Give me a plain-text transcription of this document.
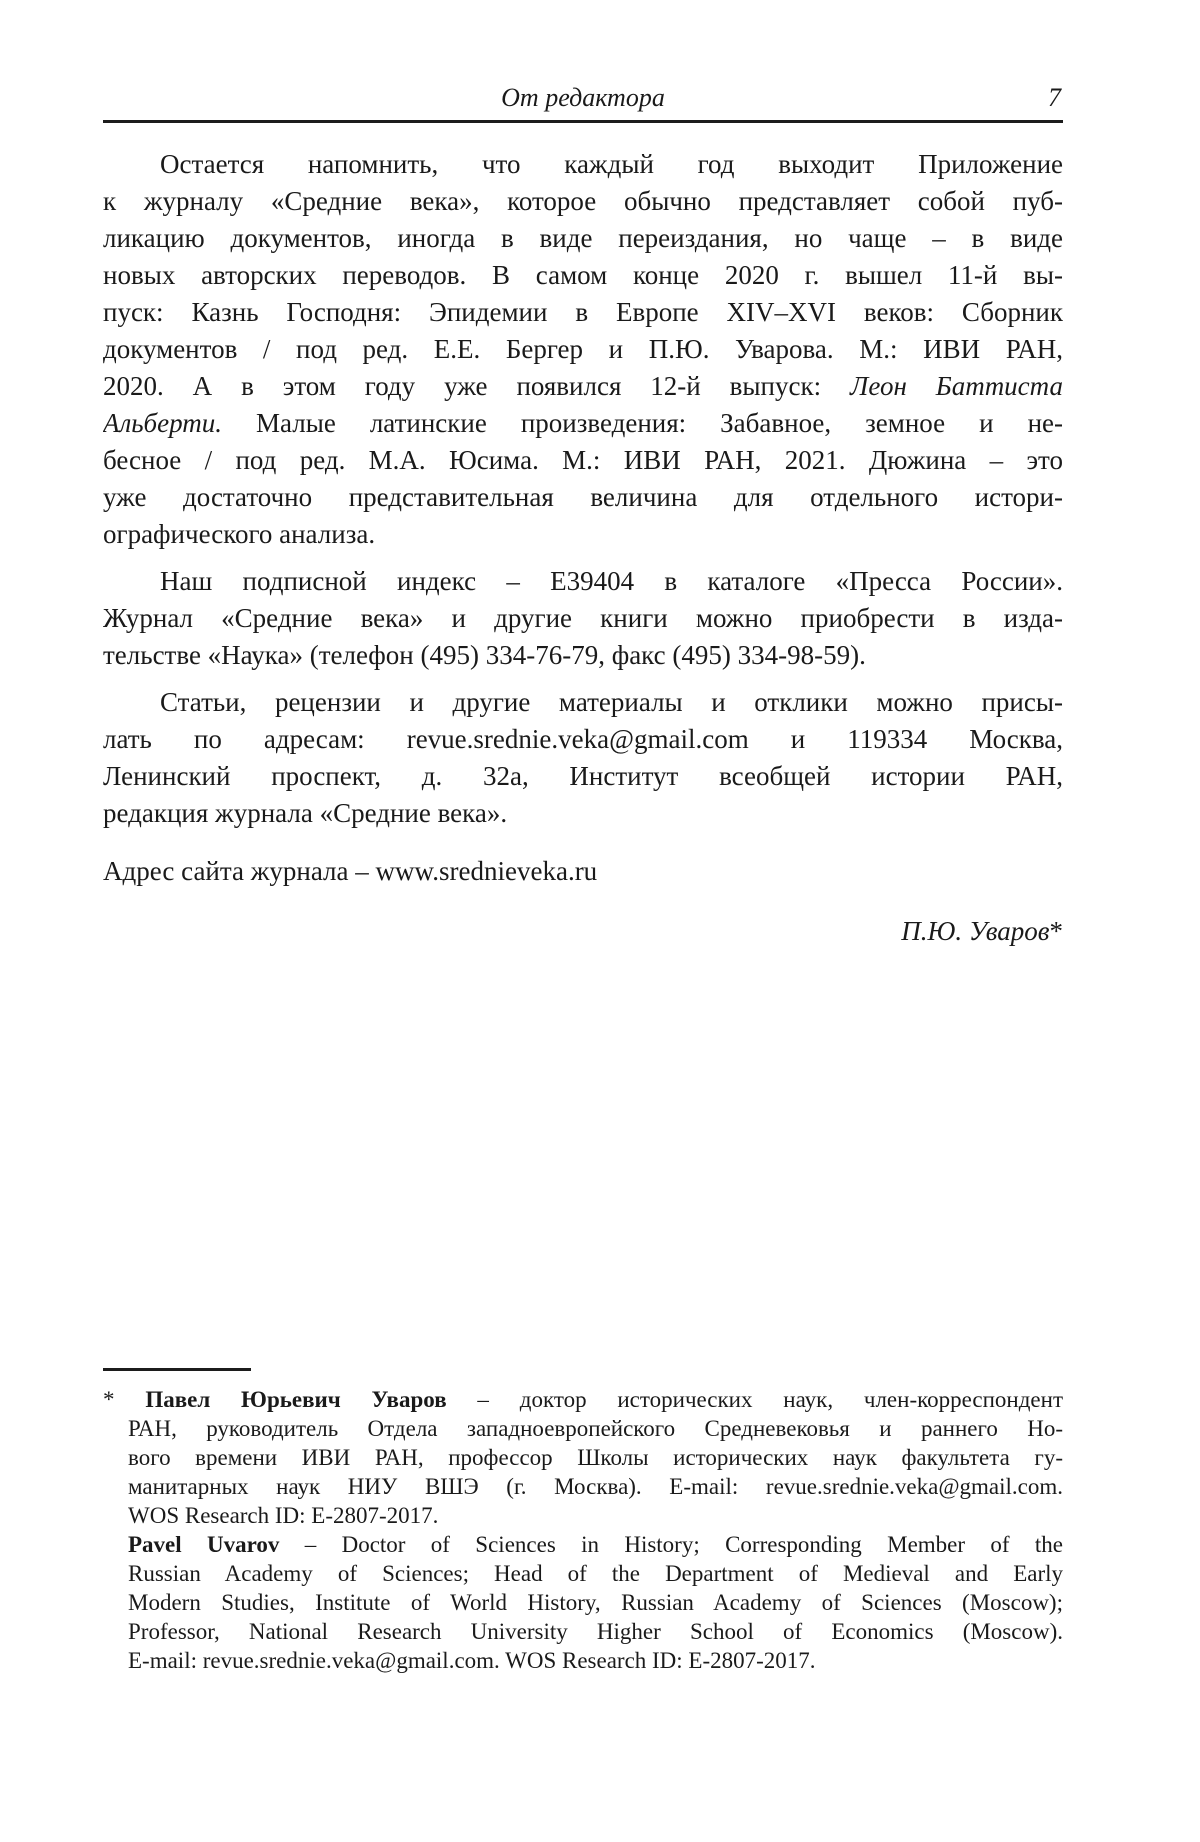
От редактора	7
Остается напомнить, что каждый год выходит Приложение
к журналу «Средние века», которое обычно представляет собой пуб-
ликацию документов, иногда в виде переиздания, но чаще – в виде
новых авторских переводов. В самом конце 2020 г. вышел 11-й вы-
пуск: Казнь Господня: Эпидемии в Европе XIV–XVI веков: Сборник
документов / под ред. Е.Е. Бергер и П.Ю. Уварова. М.: ИВИ РАН,
2020. А в этом году уже появился 12-й выпуск: Леон Баттиста
Альберти. Малые латинские произведения: Забавное, земное и не-
бесное / под ред. М.А. Юсима. М.: ИВИ РАН, 2021. Дюжина – это
уже достаточно представительная величина для отдельного истори-
ографического анализа.
Наш подписной индекс – Е39404 в каталоге «Пресса России».
Журнал «Средние века» и другие книги можно приобрести в изда-
тельстве «Наука» (телефон (495) 334-76-79, факс (495) 334-98-59).
Статьи, рецензии и другие материалы и отклики можно присы-
лать по адресам: revue.srednie.veka@gmail.com и 119334 Москва,
Ленинский проспект, д. 32а, Институт всеобщей истории РАН,
редакция журнала «Средние века».
Адрес сайта журнала – www.srednieveka.ru
П.Ю. Уваров*
* Павел Юрьевич Уваров – доктор исторических наук, член-корреспондент
РАН, руководитель Отдела западноевропейского Средневековья и раннего Но-
вого времени ИВИ РАН, профессор Школы исторических наук факультета гу-
манитарных наук НИУ ВШЭ (г. Москва). E-mail: revue.srednie.veka@gmail.com.
WOS Research ID: E-2807-2017.
Pavel Uvarov – Doctor of Sciences in History; Corresponding Member of the
Russian Academy of Sciences; Head of the Department of Medieval and Early
Modern Studies, Institute of World History, Russian Academy of Sciences (Moscow);
Professor, National Research University Higher School of Economics (Moscow).
E-mail: revue.srednie.veka@gmail.com. WOS Research ID: E-2807-2017.
